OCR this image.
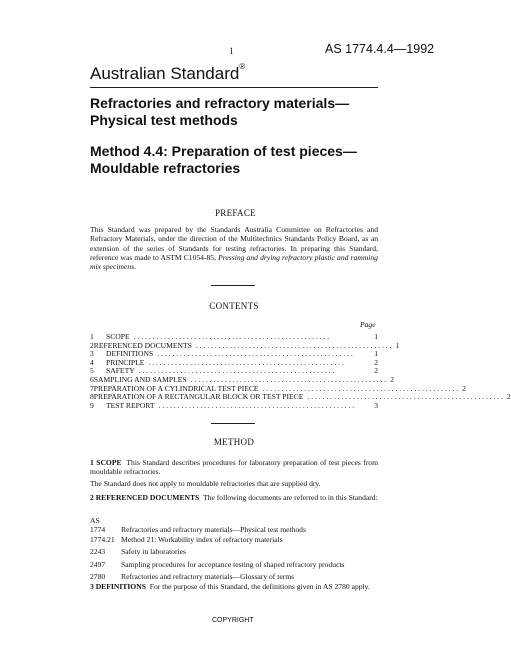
1	AS 1774.4.4—1992
Australian Standard®
Refractories and refractory materials—
Physical test methods
Method 4.4: Preparation of test pieces—
Mouldable refractories
PREFACE
This Standard was prepared by the Standards Australia Committee on Refractories and Refractory Materials, under the direction of the Multitechnics Standards Policy Board, as an extension of the series of Standards for testing refractories. In preparing this Standard, reference was made to ASTM C1054-85, Pressing and drying refractory plastic and ramming mix specimens.
CONTENTS
Page
1	SCOPE . . . . . . . . . . . . . . . . . . . . . . . . . . . . . . . . . . . . . . . . . . . . . . . . . . . .	1
2 REFERENCED DOCUMENTS . . . . . . . . . . . . . . . . . . . . . . . . . . . . . . . . . . . . . . . . . . . . . . . . . . . . 1
3	DEFINITIONS . . . . . . . . . . . . . . . . . . . . . . . . . . . . . . . . . . . . . . . . . . . . . . . . . . . .	1
4	PRINCIPLE . . . . . . . . . . . . . . . . . . . . . . . . . . . . . . . . . . . . . . . . . . . . . . . . . . . .	2
5	SAFETY . . . . . . . . . . . . . . . . . . . . . . . . . . . . . . . . . . . . . . . . . . . . . . . . . . . .	2
6 SAMPLING AND SAMPLES . . . . . . . . . . . . . . . . . . . . . . . . . . . . . . . . . . . . . . . . . . . . . . . . . . . . 2
7 PREPARATION OF A CYLINDRICAL TEST PIECE . . . . . . . . . . . . . . . . . . . . . . . . . . . . . . . . . . . . . . . . . . . . . . . . . . . . 2
8 PREPARATION OF A RECTANGULAR BLOCK OR TEST PIECE . . . . . . . . . . . . . . . . . . . . . . . . . . . . . . . . . . . . . . . . . . . . . . . . . . . . 2
9	TEST REPORT . . . . . . . . . . . . . . . . . . . . . . . . . . . . . . . . . . . . . . . . . . . . . . . . . . . .	3
METHOD
1 SCOPE This Standard describes procedures for laboratory preparation of test pieces from mouldable refractories.
The Standard does not apply to mouldable refractories that are supplied dry.
2 REFERENCED DOCUMENTS The following documents are referred to in this Standard:
AS
1774	Refractories and refractory materials—Physical test methods
1774.21 Method 21: Workability index of refractory materials
2243	Safety in laboratories
2497	Sampling procedures for acceptance testing of shaped refractory products
2780	Refractories and refractory materials—Glossary of terms
3 DEFINITIONS For the purpose of this Standard, the definitions given in AS 2780 apply.
COPYRIGHT
